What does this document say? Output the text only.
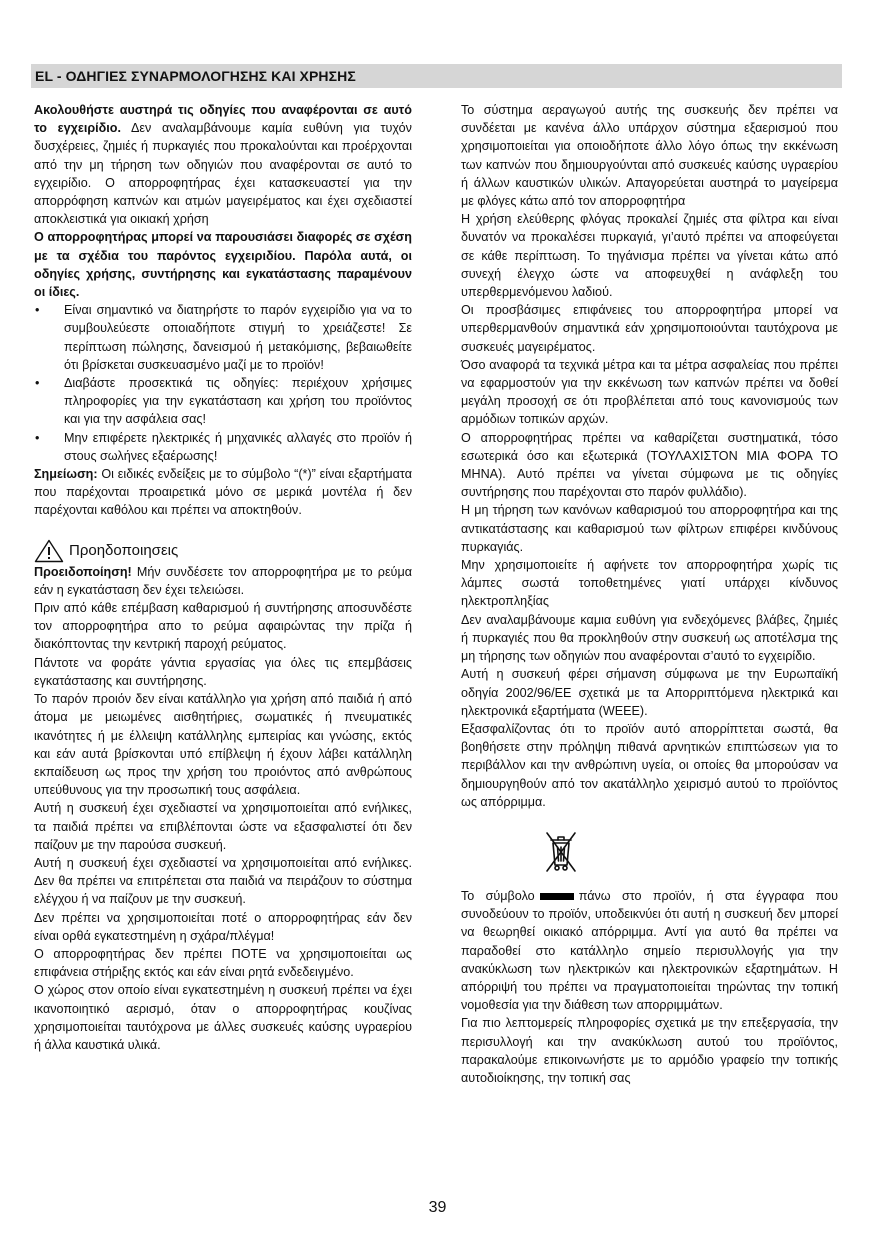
EL - ΟΔΗΓΙΕΣ ΣΥΝΑΡΜΟΛΟΓΗΣΗΣ ΚΑΙ ΧΡΗΣΗΣ

Ακολουθήστε αυστηρά τις οδηγίες που αναφέρονται σε αυτό το εγχειρίδιο. Δεν αναλαμβάνουμε καμία ευθύνη για τυχόν δυσχέρειες, ζημιές ή πυρκαγιές που προκαλούνται και προέρχονται από την μη τήρηση των οδηγιών που αναφέρονται σε αυτό το εγχειρίδιο. Ο απορροφητήρας έχει κατασκευαστεί για την απορρόφηση καπνών και ατμών μαγειρέματος και έχει σχεδιαστεί αποκλειστικά για οικιακή χρήση

Ο απορροφητήρας μπορεί να παρουσιάσει διαφορές σε σχέση με τα σχέδια του παρόντος εγχειριδίου. Παρόλα αυτά, οι οδηγίες χρήσης, συντήρησης και εγκατάστασης παραμένουν οι ίδιες.

• Είναι σημαντικό να διατηρήστε το παρόν εγχειρίδιο για να το συμβουλεύεστε οποιαδήποτε στιγμή το χρειάζεστε! Σε περίπτωση πώλησης, δανεισμού ή μετακόμισης, βεβαιωθείτε ότι βρίσκεται συσκευασμένο μαζί με το προϊόν!
• Διαβάστε προσεκτικά τις οδηγίες: περιέχουν χρήσιμες πληροφορίες για την εγκατάσταση και χρήση του προϊόντος και για την ασφάλεια σας!
• Μην επιφέρετε ηλεκτρικές ή μηχανικές αλλαγές στο προϊόν ή στους σωλήνες εξαέρωσης!

Σημείωση: Οι ειδικές ενδείξεις με το σύμβολο “(*)” είναι εξαρτήματα που παρέχονται προαιρετικά μόνο σε μερικά μοντέλα ή δεν παρέχονται καθόλου και πρέπει να αποκτηθούν.

Προηδοποιησεις

Προειδοποίηση! Μήν συνδέσετε τον απορροφητήρα με το ρεύμα εάν η εγκατάσταση δεν έχει τελειώσει.

Πριν από κάθε επέμβαση καθαρισμού ή συντήρησης αποσυνδέστε τον απορροφητήρα απο το ρεύμα αφαιρώντας την πρίζα ή διακόπτοντας την κεντρική παροχή ρεύματος.

Πάντοτε να φοράτε γάντια εργασίας για όλες τις επεμβάσεις εγκατάστασης και συντήρησης.

Το παρόν προιόν δεν είναι κατάλληλο για χρήση από παιδιά ή από άτομα με μειωμένες αισθητήριες, σωματικές ή πνευματικές ικανότητες ή με έλλειψη κατάλληλης εμπειρίας και γνώσης, εκτός και εάν αυτά βρίσκονται υπό επίβλεψη ή έχουν λάβει κατάλληλη εκπαίδευση ως προς την χρήση του προιόντος από ανθρώπους υπεύθυνους για την προσωπική τους ασφάλεια.

Αυτή η συσκευή έχει σχεδιαστεί να χρησιμοποιείται από ενήλικες, τα παιδιά πρέπει να επιβλέπονται ώστε να εξασφαλιστεί ότι δεν παίζουν με την παρούσα συσκευή.

Αυτή η συσκευή έχει σχεδιαστεί να χρησιμοποιείται από ενήλικες. Δεν θα πρέπει να επιτρέπεται στα παιδιά να πειράζουν το σύστημα ελέγχου ή να παίζουν με την συσκευή.

Δεν πρέπει να χρησιμοποιείται ποτέ ο απορροφητήρας εάν δεν είναι ορθά εγκατεστημένη η σχάρα/πλέγμα!

Ο απορροφητήρας δεν πρέπει ΠΟΤΕ να χρησιμοποιείται ως επιφάνεια στήριξης εκτός και εάν είναι ρητά ενδεδειγμένο.

Ο χώρος στον οποίο είναι εγκατεστημένη η συσκευή πρέπει να έχει ικανοποιητικό αερισμό, όταν ο απορροφητήρας κουζίνας χρησιμοποιείται ταυτόχρονα με άλλες συσκευές καύσης υγραερίου ή άλλα καυστικά υλικά.

Το σύστημα αεραγωγού αυτής της συσκευής δεν πρέπει να συνδέεται με κανένα άλλο υπάρχον σύστημα εξαερισμού που χρησιμοποιείται για οποιοδήποτε άλλο λόγο όπως την εκκένωση των καπνών που δημιουργούνται από συσκευές καύσης υγραερίου ή άλλων καυστικών υλικών. Απαγορεύεται αυστηρά το μαγείρεμα με φλόγες κάτω από τον απορροφητήρα

Η χρήση ελεύθερης φλόγας προκαλεί ζημιές στα φίλτρα και είναι δυνατόν να προκαλέσει πυρκαγιά, γι’αυτό πρέπει να αποφεύγεται σε κάθε περίπτωση. Το τηγάνισμα πρέπει να γίνεται κάτω από συνεχή έλεγχο ώστε να αποφευχθεί η ανάφλεξη του υπερθερμενόμενου λαδιού.

Οι προσβάσιμες επιφάνειες του απορροφητήρα μπορεί να υπερθερμανθούν σημαντικά εάν χρησιμοποιούνται ταυτόχρονα με συσκευές μαγειρέματος.

Όσο αναφορά τα τεχνικά μέτρα και τα μέτρα ασφαλείας που πρέπει να εφαρμοστούν για την εκκένωση των καπνών πρέπει να δοθεί μεγάλη προσοχή σε ότι προβλέπεται από τους κανονισμούς των αρμόδιων τοπικών αρχών.

Ο απορροφητήρας πρέπει να καθαρίζεται συστηματικά, τόσο εσωτερικά όσο και εξωτερικά (ΤΟΥΛΑΧΙΣΤΟΝ ΜΙΑ ΦΟΡΑ ΤΟ ΜΗΝΑ). Αυτό πρέπει να γίνεται σύμφωνα με τις οδηγίες συντήρησης που παρέχονται στο παρόν φυλλάδιο).

Η μη τήρηση των κανόνων καθαρισμού του απορροφητήρα και της αντικατάστασης και καθαρισμού των φίλτρων επιφέρει κινδύνους πυρκαγιάς.

Μην χρησιμοποιείτε ή αφήνετε τον απορροφητήρα χωρίς τις λάμπες σωστά τοποθετημένες γιατί υπάρχει κίνδυνος ηλεκτροπληξίας

Δεν αναλαμβάνουμε καμια ευθύνη για ενδεχόμενες βλάβες, ζημιές ή πυρκαγιές που θα προκληθούν στην συσκευή ως αποτέλσμα της μη τήρησης των οδηγιών που αναφέρονται σ’αυτό το εγχειρίδιο.

Αυτή η συσκευή φέρει σήμανση σύμφωνα με την Ευρωπαϊκή οδηγία 2002/96/ΕΕ σχετικά με τα Απορριπτόμενα ηλεκτρικά και ηλεκτρονικά εξαρτήματα (WEEE).

Εξασφαλίζοντας ότι το προϊόν αυτό απορρίπτεται σωστά, θα βοηθήσετε στην πρόληψη πιθανά αρνητικών επιπτώσεων για το περιβάλλον και την ανθρώπινη υγεία, οι οποίες θα μπορούσαν να δημιουργηθούν από τον ακατάλληλο χειρισμό αυτού το προϊόντος ως απόρριμμα.

Το σύμβολο	πάνω στο προϊόν, ή στα έγγραφα που συνοδεύουν το προϊόν, υποδεικνύει ότι αυτή η συσκευή δεν μπορεί να θεωρηθεί οικιακό απόρριμμα. Αντί για αυτό θα πρέπει να παραδοθεί στο κατάλληλο σημείο περισυλλογής για την ανακύκλωση των ηλεκτρικών και ηλεκτρονικών εξαρτημάτων. Η απόρριψή του πρέπει να πραγματοποιείται τηρώντας την τοπική νομοθεσία για την διάθεση των απορριμμάτων.

Για πιο λεπτομερείς πληροφορίες σχετικά με την επεξεργασία, την περισυλλογή και την ανακύκλωση αυτού του προϊόντος, παρακαλούμε επικοινωνήστε με το αρμόδιο γραφείο την τοπικής αυτοδιοίκησης, την τοπική σας

39
